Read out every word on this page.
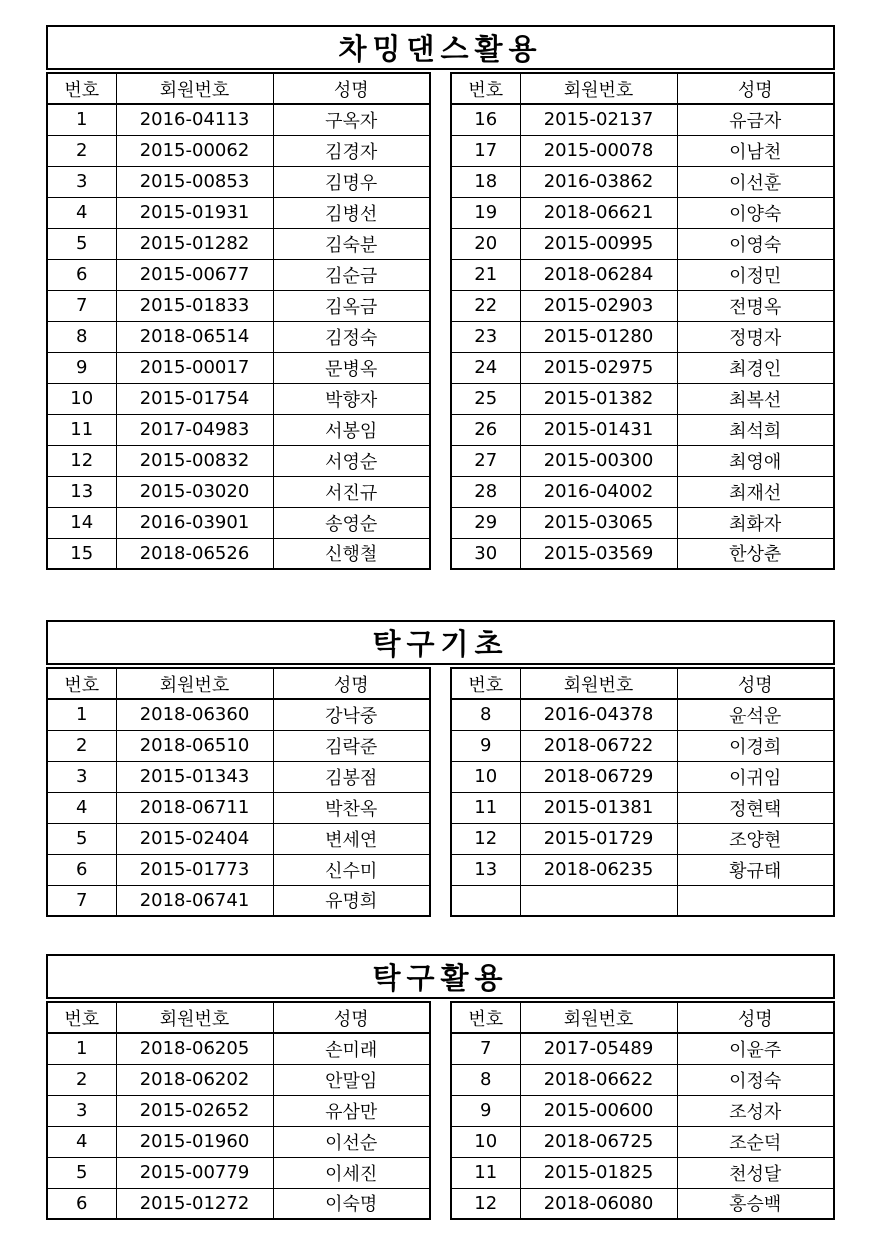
차밍댄스활용
번호	회원번호	성명
1	2016-04113	구옥자
2	2015-00062	김경자
3	2015-00853	김명우
4	2015-01931	김병선
5	2015-01282	김숙분
6	2015-00677	김순금
7	2015-01833	김옥금
8	2018-06514	김정숙
9	2015-00017	문병옥
10	2015-01754	박향자
11	2017-04983	서봉임
12	2015-00832	서영순
13	2015-03020	서진규
14	2016-03901	송영순
15	2018-06526	신행철
번호	회원번호	성명
16	2015-02137	유금자
17	2015-00078	이남천
18	2016-03862	이선훈
19	2018-06621	이양숙
20	2015-00995	이영숙
21	2018-06284	이정민
22	2015-02903	전명옥
23	2015-01280	정명자
24	2015-02975	최경인
25	2015-01382	최복선
26	2015-01431	최석희
27	2015-00300	최영애
28	2016-04002	최재선
29	2015-03065	최화자
30	2015-03569	한상춘
탁구기초
번호	회원번호	성명
1	2018-06360	강낙중
2	2018-06510	김락준
3	2015-01343	김봉점
4	2018-06711	박찬옥
5	2015-02404	변세연
6	2015-01773	신수미
7	2018-06741	유명희
번호	회원번호	성명
8	2016-04378	윤석운
9	2018-06722	이경희
10	2018-06729	이귀임
11	2015-01381	정현택
12	2015-01729	조양현
13	2018-06235	황규태

탁구활용
번호	회원번호	성명
1	2018-06205	손미래
2	2018-06202	안말임
3	2015-02652	유삼만
4	2015-01960	이선순
5	2015-00779	이세진
6	2015-01272	이숙명
번호	회원번호	성명
7	2017-05489	이윤주
8	2018-06622	이정숙
9	2015-00600	조성자
10	2018-06725	조순덕
11	2015-01825	천성달
12	2018-06080	홍승백
